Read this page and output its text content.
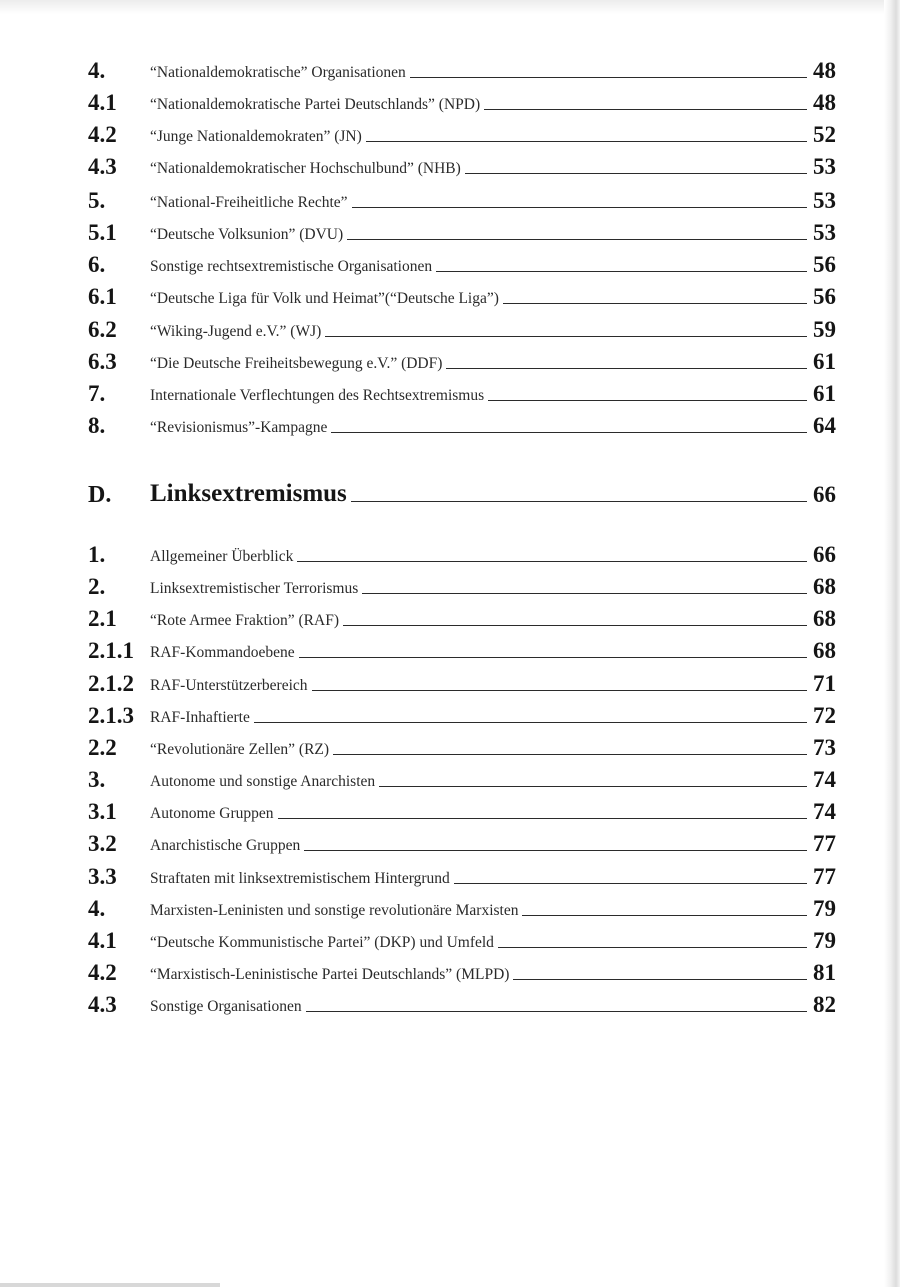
4.	“Nationaldemokratische” Organisationen	48
4.1	“Nationaldemokratische Partei Deutschlands” (NPD)	48
4.2	“Junge Nationaldemokraten” (JN)	52
4.3	“Nationaldemokratischer Hochschulbund” (NHB)	53
5.	“National-Freiheitliche Rechte”	53
5.1	“Deutsche Volksunion” (DVU)	53
6.	Sonstige rechtsextremistische Organisationen	56
6.1	“Deutsche Liga für Volk und Heimat”(“Deutsche Liga”)	56
6.2	“Wiking-Jugend e.V.” (WJ)	59
6.3	“Die Deutsche Freiheitsbewegung e.V.” (DDF)	61
7.	Internationale Verflechtungen des Rechtsextremismus	61
8.	“Revisionismus”-Kampagne	64
D.	Linksextremismus	66
1.	Allgemeiner Überblick	66
2.	Linksextremistischer Terrorismus	68
2.1	“Rote Armee Fraktion” (RAF)	68
2.1.1	RAF-Kommandoebene	68
2.1.2	RAF-Unterstützerbereich	71
2.1.3	RAF-Inhaftierte	72
2.2	“Revolutionäre Zellen” (RZ)	73
3.	Autonome und sonstige Anarchisten	74
3.1	Autonome Gruppen	74
3.2	Anarchistische Gruppen	77
3.3	Straftaten mit linksextremistischem Hintergrund	77
4.	Marxisten-Leninisten und sonstige revolutionäre Marxisten	79
4.1	“Deutsche Kommunistische Partei” (DKP) und Umfeld	79
4.2	“Marxistisch-Leninistische Partei Deutschlands” (MLPD)	81
4.3	Sonstige Organisationen	82
